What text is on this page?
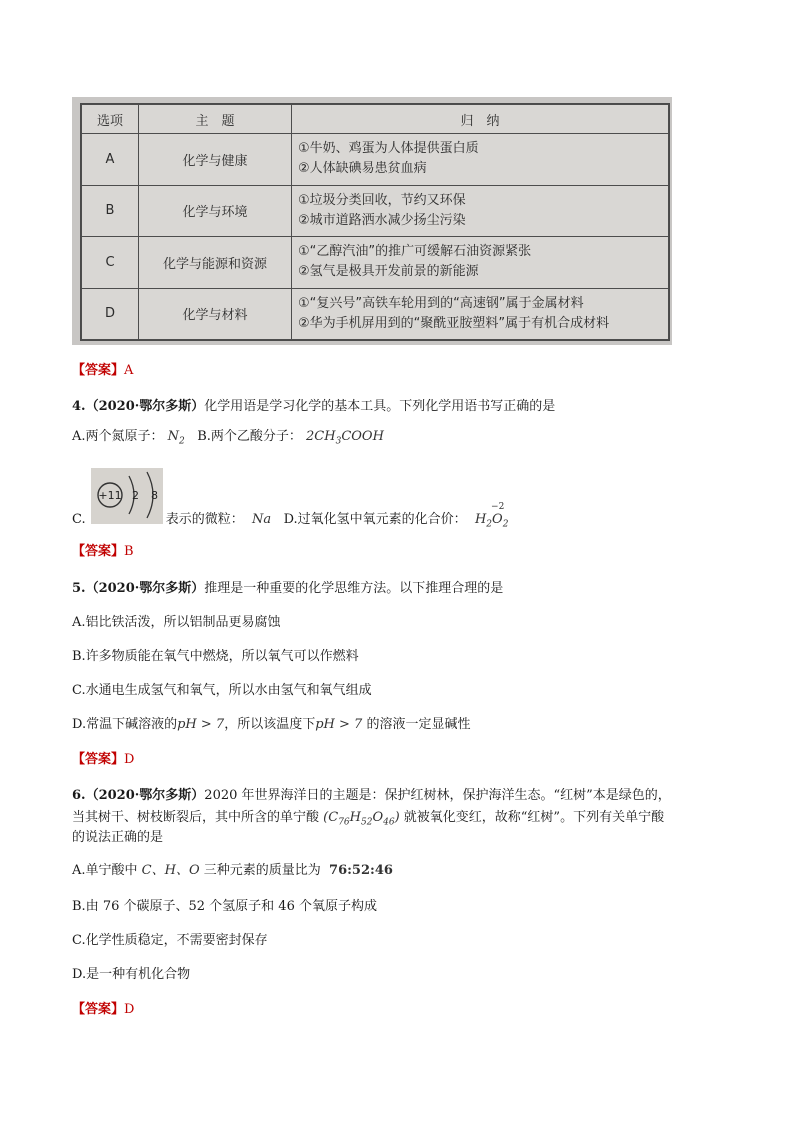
选项	主　题	归　纳
A	化学与健康	①牛奶、鸡蛋为人体提供蛋白质
②人体缺碘易患贫血病

B	化学与环境	①垃圾分类回收，节约又环保
②城市道路洒水减少扬尘污染

C	化学与能源和资源	①“乙醇汽油”的推广可缓解石油资源紧张
②氢气是极具开发前景的新能源

D	化学与材料	①“复兴号”高铁车轮用到的“高速钢”属于金属材料
②华为手机屏用到的“聚酰亚胺塑料”属于有机合成材料
【答案】A
4.（2020·鄂尔多斯）化学用语是学习化学的基本工具。下列化学用语书写正确的是
A.两个氮原子： $N_2$ B.两个乙酸分子： $2CH_3COOH$
+11 2 8
C.	表示的微粒： Na D.过氧化氢中氧元素的化合价： $H_2$
−2
$O_2$
【答案】B
5.（2020·鄂尔多斯）推理是一种重要的化学思维方法。以下推理合理的是
A.铝比铁活泼，所以铝制品更易腐蚀
B.许多物质能在氧气中燃烧，所以氧气可以作燃料
C.水通电生成氢气和氧气，所以水由氢气和氧气组成
D.常温下碱溶液的pH > 7，所以该温度下pH > 7 的溶液一定显碱性
【答案】D
6.（2020·鄂尔多斯）2020 年世界海洋日的主题是：保护红树林，保护海洋生态。“红树”本是绿色的，
当其树干、树枝断裂后，其中所含的单宁酸 $(C_{76}H_{52}O_{46})$ 就被氧化变红，故称“红树”。下列有关单宁酸
的说法正确的是
A.单宁酸中 C、H、O 三种元素的质量比为 76:52:46
B.由 76 个碳原子、52 个氢原子和 46 个氧原子构成
C.化学性质稳定，不需要密封保存
D.是一种有机化合物
【答案】D
